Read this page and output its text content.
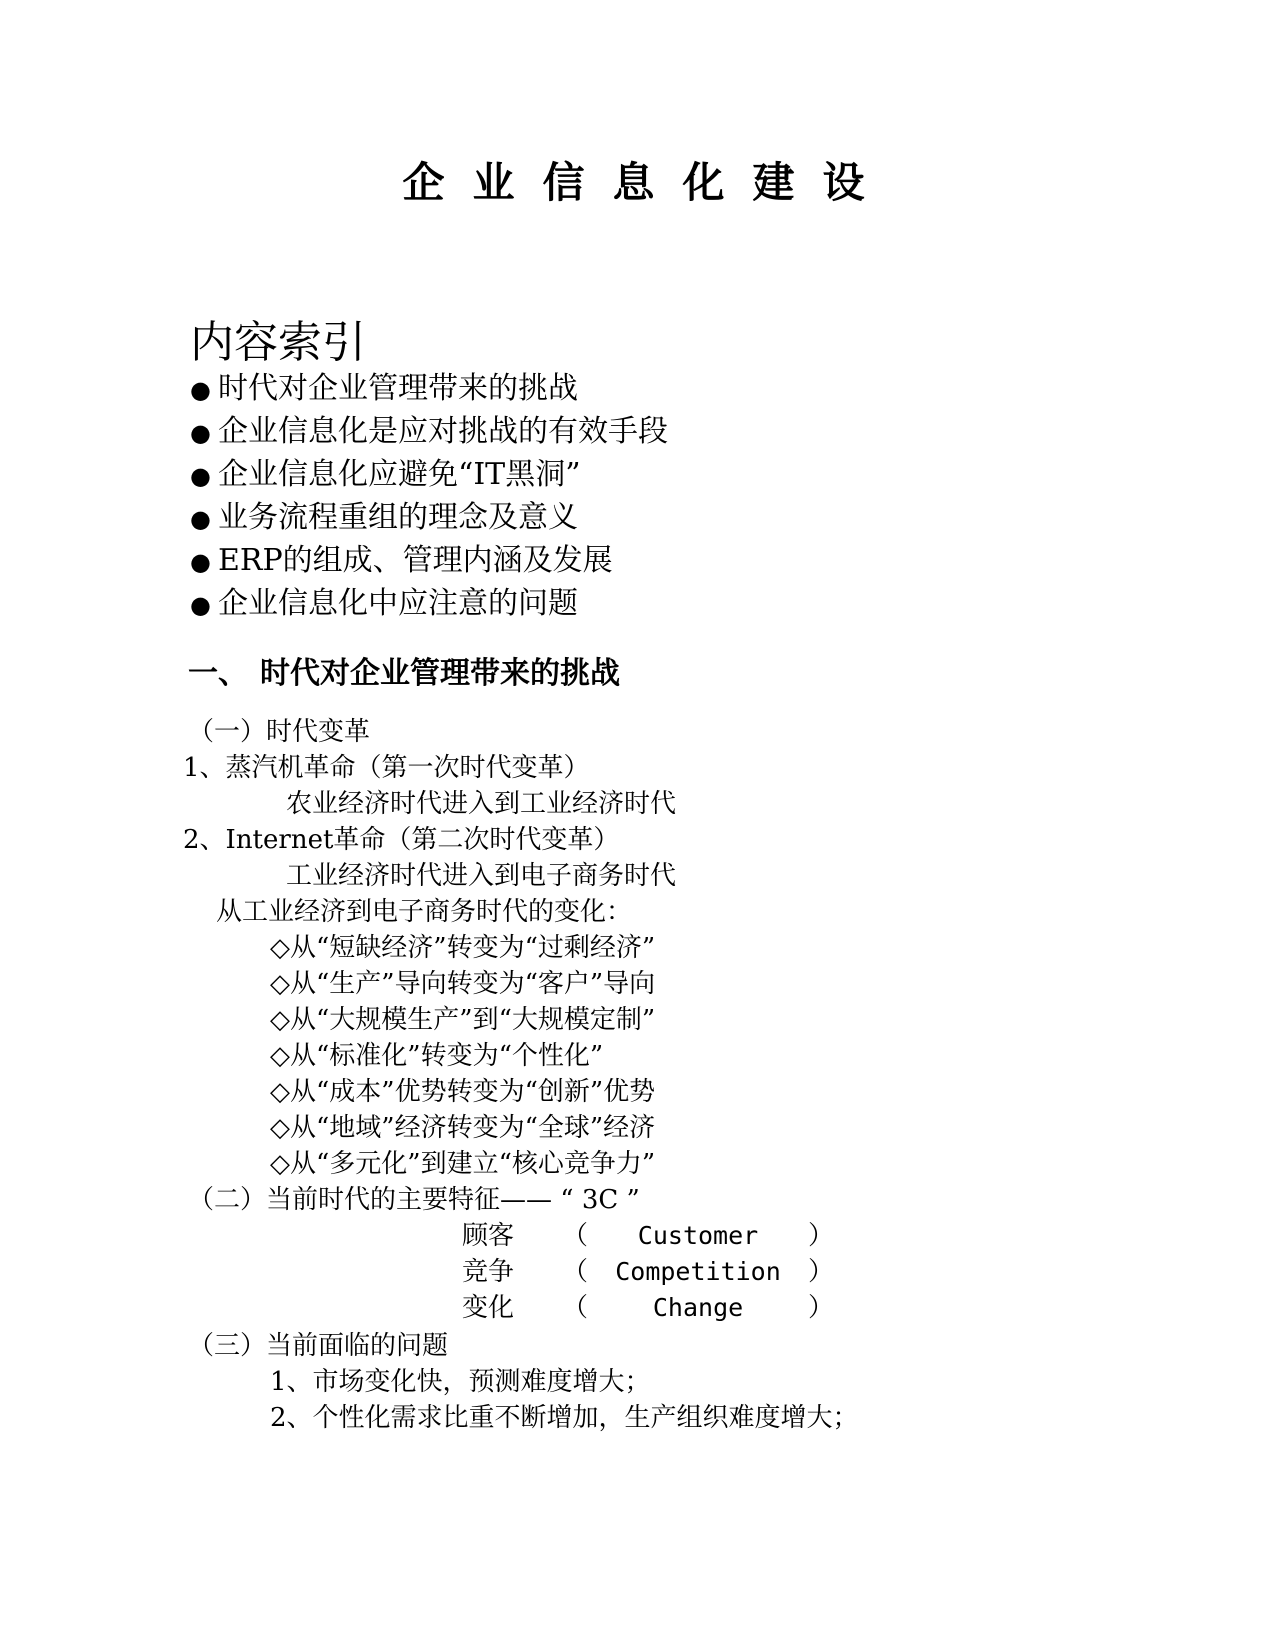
企业信息化建设
内容索引
● 时代对企业管理带来的挑战
● 企业信息化是应对挑战的有效手段
● 企业信息化应避免“IT黑洞”
● 业务流程重组的理念及意义
● ERP的组成、管理内涵及发展
● 企业信息化中应注意的问题
一、 时代对企业管理带来的挑战
（一）时代变革
1、蒸汽机革命（第一次时代变革）
农业经济时代进入到工业经济时代
2、Internet革命（第二次时代变革）
工业经济时代进入到电子商务时代
从工业经济到电子商务时代的变化：
◇从“短缺经济”转变为“过剩经济”
◇从“生产”导向转变为“客户”导向
◇从“大规模生产”到“大规模定制”
◇从“标准化”转变为“个性化”
◇从“成本”优势转变为“创新”优势
◇从“地域”经济转变为“全球”经济
◇从“多元化”到建立“核心竞争力”
（二）当前时代的主要特征—— “ 3C ”
顾客 （ Customer ）
竞争 （ Competition ）
变化 （	Change ）
（三）当前面临的问题
1、市场变化快，预测难度增大；
2、个性化需求比重不断增加，生产组织难度增大；
